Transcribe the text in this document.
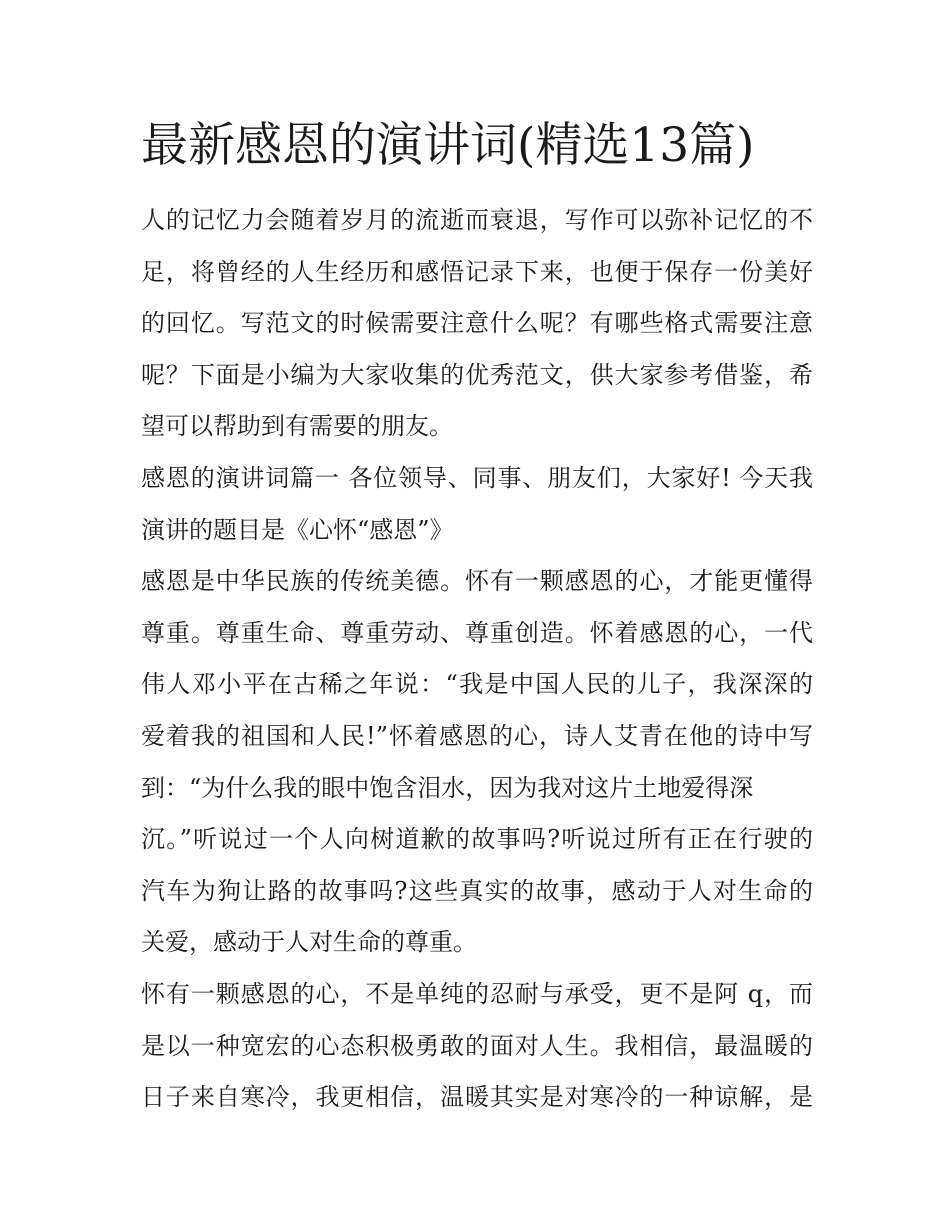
最新感恩的演讲词(精选13篇)
人的记忆力会随着岁月的流逝而衰退，写作可以弥补记忆的不
足，将曾经的人生经历和感悟记录下来，也便于保存一份美好
的回忆。写范文的时候需要注意什么呢？有哪些格式需要注意
呢？下面是小编为大家收集的优秀范文，供大家参考借鉴，希
望可以帮助到有需要的朋友。
感恩的演讲词篇一 各位领导、同事、朋友们，大家好! 今天我
演讲的题目是《心怀“感恩”》
感恩是中华民族的传统美德。怀有一颗感恩的心，才能更懂得
尊重。尊重生命、尊重劳动、尊重创造。怀着感恩的心，一代
伟人邓小平在古稀之年说：“我是中国人民的儿子，我深深的
爱着我的祖国和人民!”怀着感恩的心，诗人艾青在他的诗中写
到：“为什么我的眼中饱含泪水，因为我对这片土地爱得深
沉。”听说过一个人向树道歉的故事吗?听说过所有正在行驶的
汽车为狗让路的故事吗?这些真实的故事，感动于人对生命的
关爱，感动于人对生命的尊重。
怀有一颗感恩的心，不是单纯的忍耐与承受，更不是阿 q，而
是以一种宽宏的心态积极勇敢的面对人生。我相信，最温暖的
日子来自寒冷，我更相信，温暖其实是对寒冷的一种谅解，是
